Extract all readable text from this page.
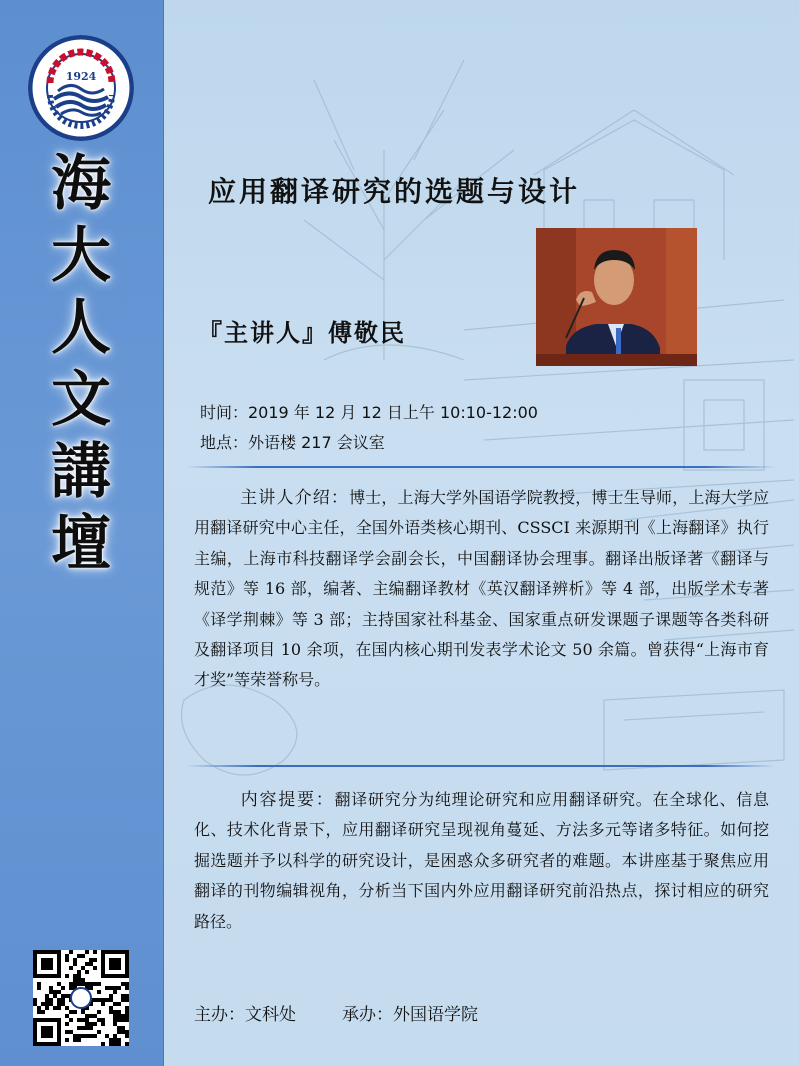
1924
海
大
人
文
講
壇
应用翻译研究的选题与设计
『主讲人』傅敬民
时间：2019 年 12 月 12 日上午 10:10-12:00
地点：外语楼 217 会议室
主讲人介绍：博士，上海大学外国语学院教授，博士生导师，上海大学应用翻译研究中心主任，全国外语类核心期刊、CSSCI 来源期刊《上海翻译》执行主编，上海市科技翻译学会副会长，中国翻译协会理事。翻译出版译著《翻译与规范》等 16 部，编著、主编翻译教材《英汉翻译辨析》等 4 部，出版学术专著《译学荆棘》等 3 部；主持国家社科基金、国家重点研发课题子课题等各类科研及翻译项目 10 余项，在国内核心期刊发表学术论文 50 余篇。曾获得“上海市育才奖”等荣誉称号。
内容提要：翻译研究分为纯理论研究和应用翻译研究。在全球化、信息化、技术化背景下，应用翻译研究呈现视角蔓延、方法多元等诸多特征。如何挖掘选题并予以科学的研究设计，是困惑众多研究者的难题。本讲座基于聚焦应用翻译的刊物编辑视角，分析当下国内外应用翻译研究前沿热点，探讨相应的研究路径。
主办：文科处	承办：外国语学院
